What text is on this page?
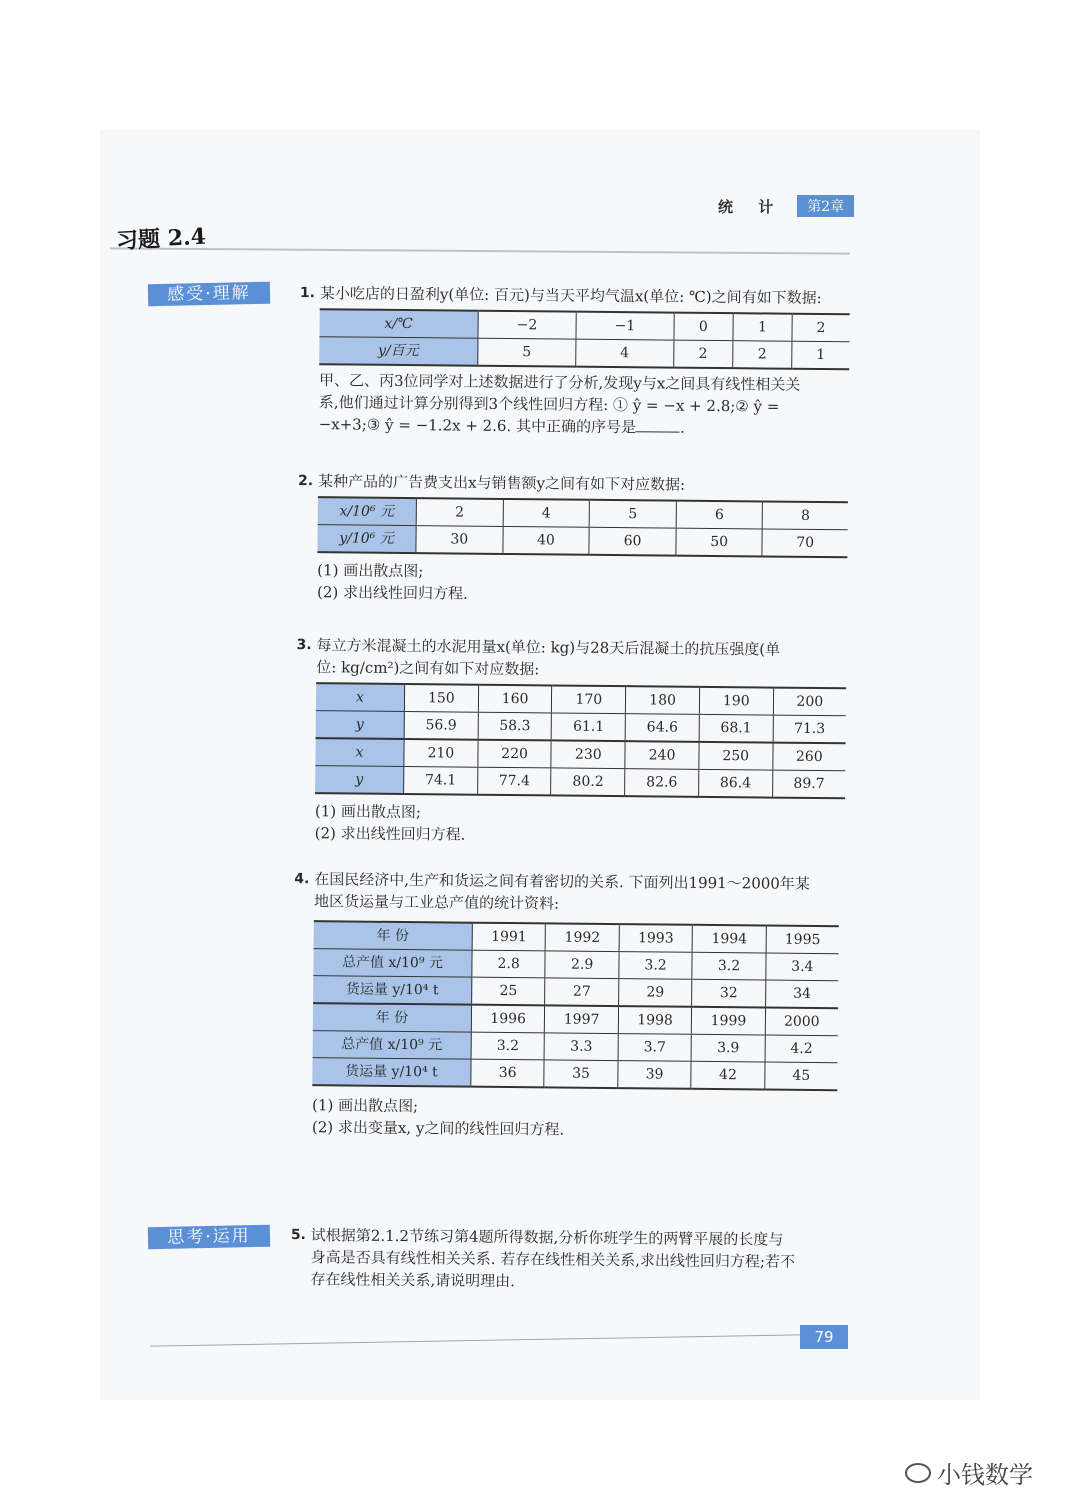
统 计	第2章
习题 2.4
感受·理解
思考·运用
1. 某小吃店的日盈利y(单位: 百元)与当天平均气温x(单位: ℃)之间有如下数据:
x/℃	−2	−1	0	1	2
y/百元	5	4	2	2	1
甲、乙、丙3位同学对上述数据进行了分析,发现y与x之间具有线性相关关
系,他们通过计算分别得到3个线性回归方程: ① ŷ = −x + 2.8;② ŷ =
−x+3;③ ŷ = −1.2x + 2.6. 其中正确的序号是	.
2. 某种产品的广告费支出x与销售额y之间有如下对应数据:
x/10⁶ 元	2	4	5	6	8
y/10⁶ 元	30	40	60	50	70
(1) 画出散点图;
(2) 求出线性回归方程.
3. 每立方米混凝土的水泥用量x(单位: kg)与28天后混凝土的抗压强度(单
位: kg/cm²)之间有如下对应数据:
x	150	160	170	180	190	200
y	56.9	58.3	61.1	64.6	68.1	71.3
x	210	220	230	240	250	260
y	74.1	77.4	80.2	82.6	86.4	89.7
(1) 画出散点图;
(2) 求出线性回归方程.
4. 在国民经济中,生产和货运之间有着密切的关系. 下面列出1991～2000年某
地区货运量与工业总产值的统计资料:
年 份	1991	1992	1993	1994	1995
总产值 x/10⁹ 元	2.8	2.9	3.2	3.2	3.4
货运量 y/10⁴ t	25	27	29	32	34
年 份	1996	1997	1998	1999	2000
总产值 x/10⁹ 元	3.2	3.3	3.7	3.9	4.2
货运量 y/10⁴ t	36	35	39	42	45
(1) 画出散点图;
(2) 求出变量x, y之间的线性回归方程.
5. 试根据第2.1.2节练习第4题所得数据,分析你班学生的两臂平展的长度与
身高是否具有线性相关关系. 若存在线性相关关系,求出线性回归方程;若不
存在线性相关关系,请说明理由.
79
小钱数学
